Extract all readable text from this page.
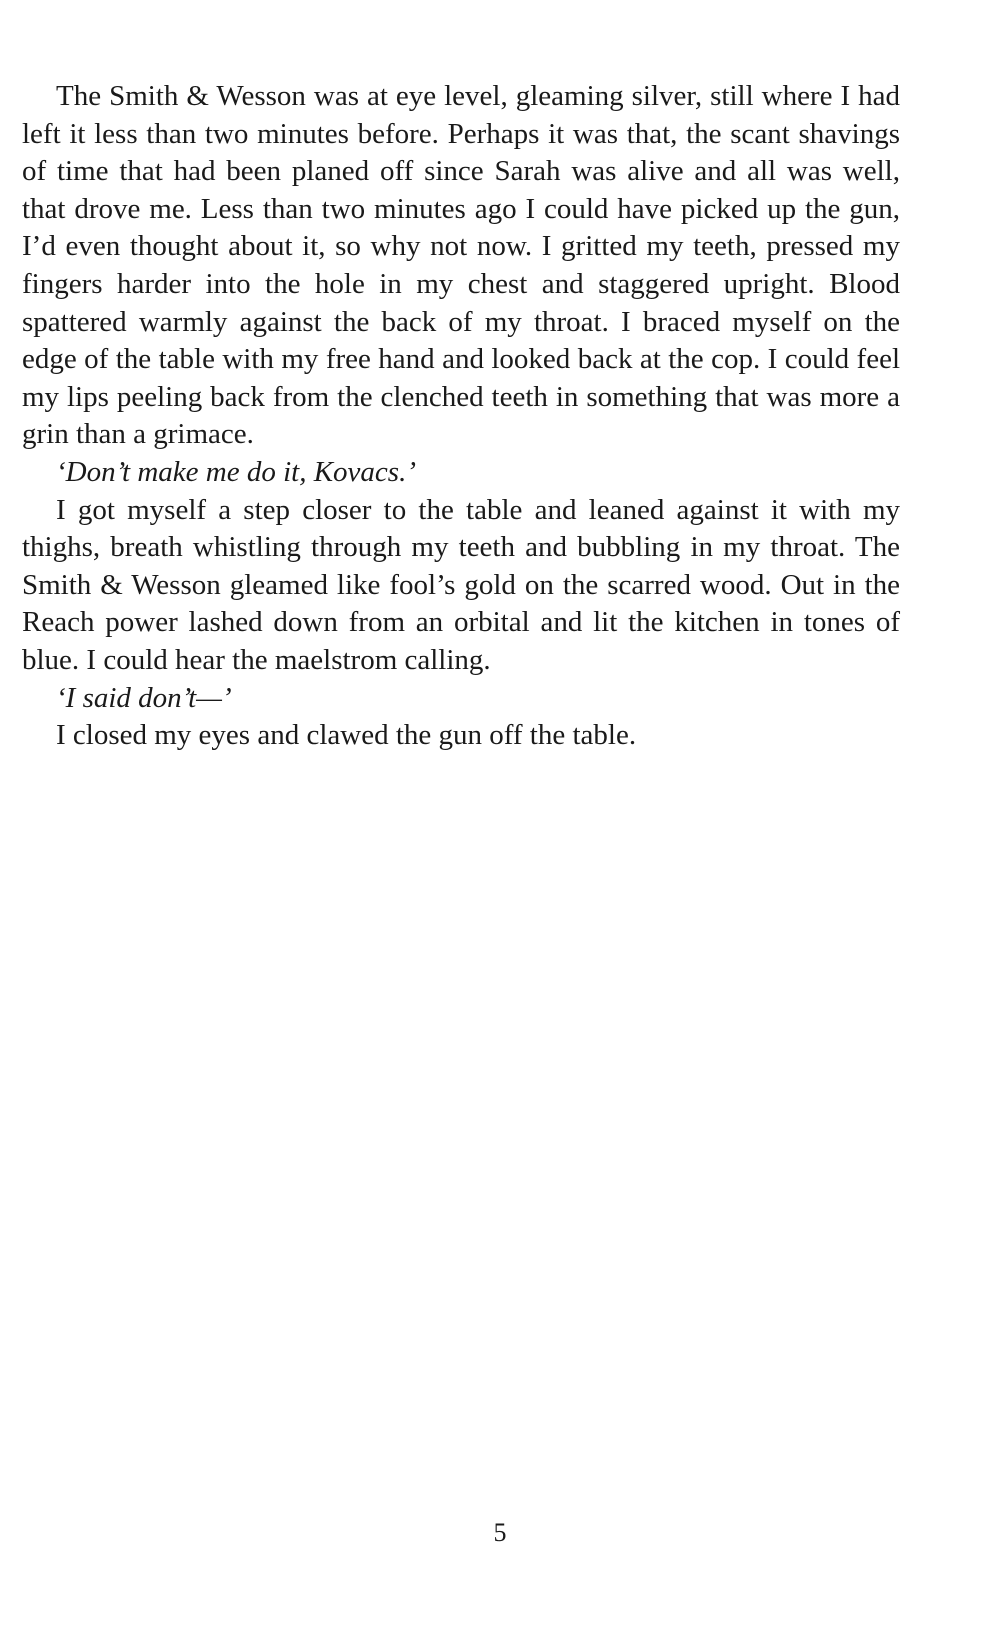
The Smith & Wesson was at eye level, gleaming silver, still where I had left it less than two minutes before. Perhaps it was that, the scant shavings of time that had been planed off since Sarah was alive and all was well, that drove me. Less than two minutes ago I could have picked up the gun, I’d even thought about it, so why not now. I gritted my teeth, pressed my fingers harder into the hole in my chest and staggered upright. Blood spattered warmly against the back of my throat. I braced myself on the edge of the table with my free hand and looked back at the cop. I could feel my lips peeling back from the clenched teeth in something that was more a grin than a grimace.

‘Don’t make me do it, Kovacs.’

I got myself a step closer to the table and leaned against it with my thighs, breath whistling through my teeth and bubbling in my throat. The Smith & Wesson gleamed like fool’s gold on the scarred wood. Out in the Reach power lashed down from an orbital and lit the kitchen in tones of blue. I could hear the maelstrom calling.

‘I said don’t—’

I closed my eyes and clawed the gun off the table.

5
